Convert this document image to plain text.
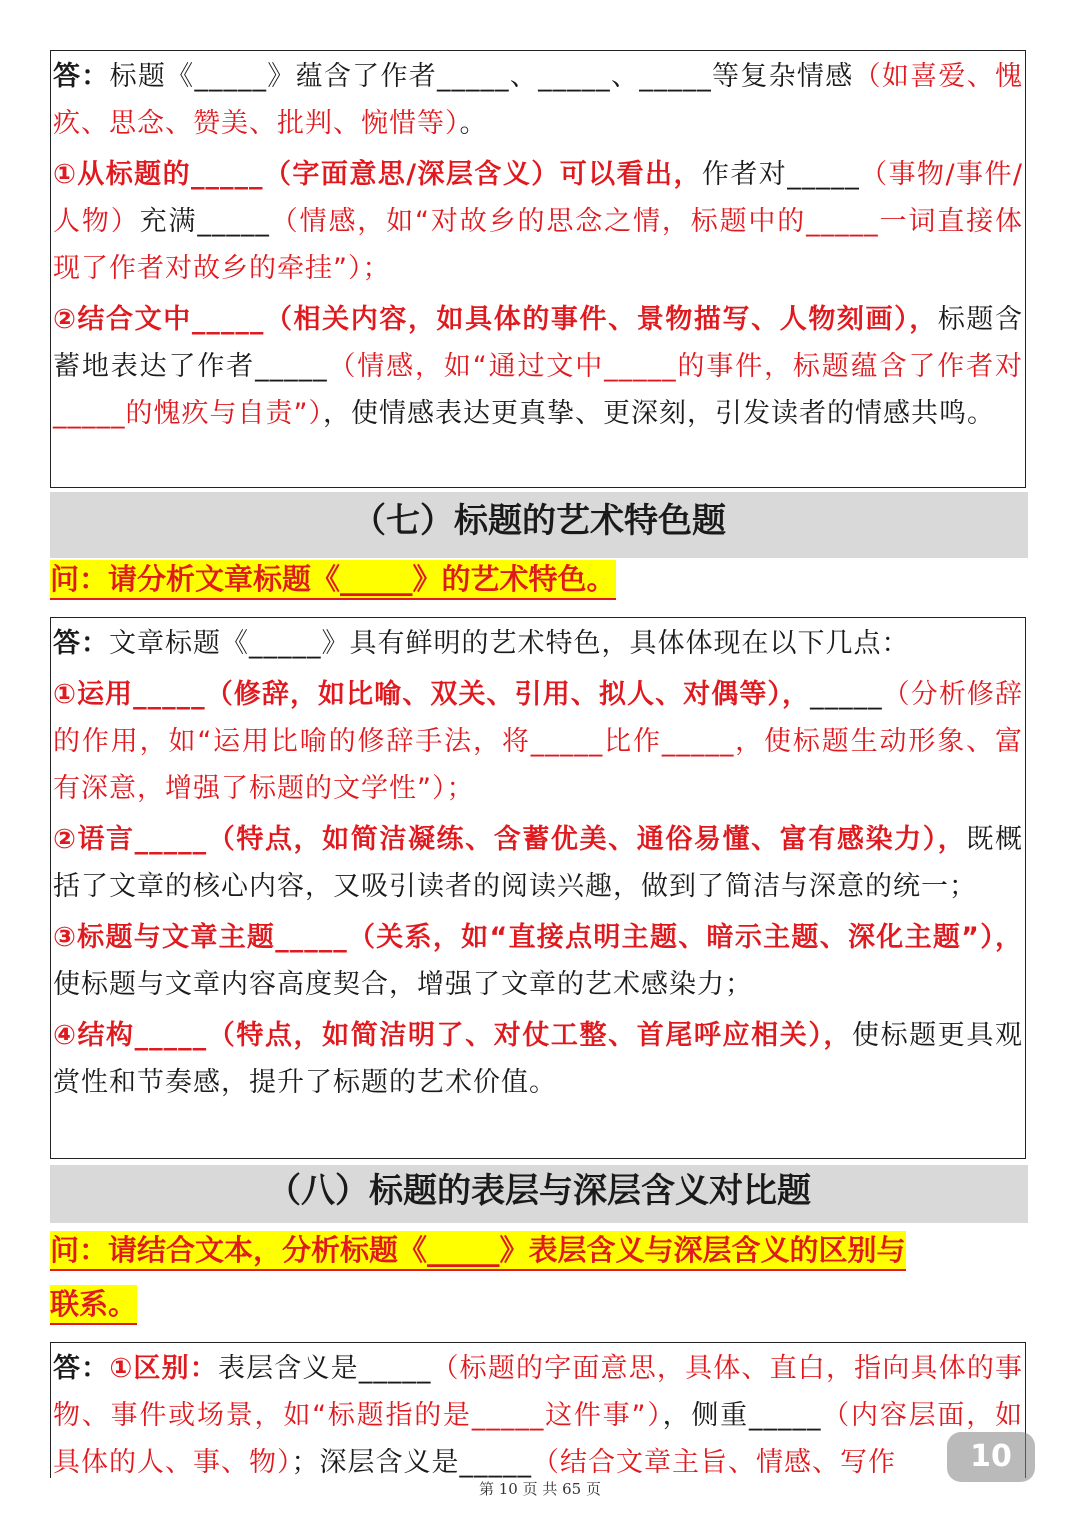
答：标题《_____》蕴含了作者_____、_____、_____等复杂情感（如喜爱、愧疚、思念、赞美、批判、惋惜等）。

①从标题的_____（字面意思/深层含义）可以看出，作者对_____（事物/事件/人物）充满_____（情感，如“对故乡的思念之情，标题中的_____一词直接体现了作者对故乡的牵挂”）；

②结合文中_____（相关内容，如具体的事件、景物描写、人物刻画），标题含蓄地表达了作者_____（情感，如“通过文中_____的事件，标题蕴含了作者对_____的愧疚与自责”），使情感表达更真挚、更深刻，引发读者的情感共鸣。

（七）标题的艺术特色题
问：请分析文章标题《_____》的艺术特色。

答：文章标题《_____》具有鲜明的艺术特色，具体体现在以下几点：

①运用_____（修辞，如比喻、双关、引用、拟人、对偶等），_____（分析修辞的作用，如“运用比喻的修辞手法，将_____比作_____，使标题生动形象、富有深意，增强了标题的文学性”）；

②语言_____（特点，如简洁凝练、含蓄优美、通俗易懂、富有感染力），既概括了文章的核心内容，又吸引读者的阅读兴趣，做到了简洁与深意的统一；

③标题与文章主题_____（关系，如“直接点明主题、暗示主题、深化主题”），使标题与文章内容高度契合，增强了文章的艺术感染力；

④结构_____（特点，如简洁明了、对仗工整、首尾呼应相关），使标题更具观赏性和节奏感，提升了标题的艺术价值。

（八）标题的表层与深层含义对比题
问：请结合文本，分析标题《_____》表层含义与深层含义的区别与
联系。

答：①区别：表层含义是_____（标题的字面意思，具体、直白，指向具体的事物、事件或场景，如“标题指的是_____这件事”），侧重_____（内容层面，如具体的人、事、物）；深层含义是_____（结合文章主旨、情感、写作	10
第 10 页 共 65 页
